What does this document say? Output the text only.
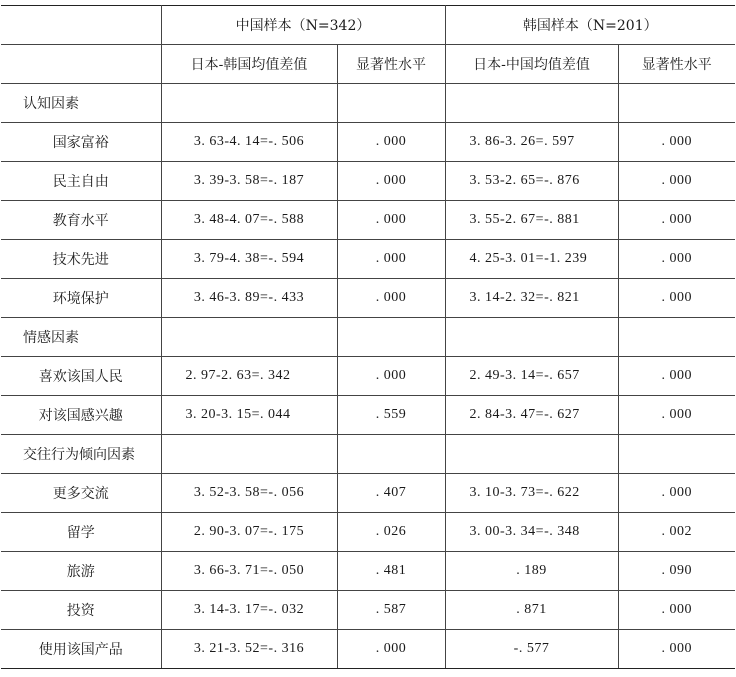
	中国样本（N=342）		韩国样本（N=201）	
	日本-韩国均值差值	显著性水平	日本-中国均值差值	显著性水平
认知因素				
国家富裕	3. 63-4. 14=-. 506	. 000	3. 86-3. 26=. 597	. 000
民主自由	3. 39-3. 58=-. 187	. 000	3. 53-2. 65=-. 876	. 000
教育水平	3. 48-4. 07=-. 588	. 000	3. 55-2. 67=-. 881	. 000
技术先进	3. 79-4. 38=-. 594	. 000	4. 25-3. 01=-1. 239	. 000
环境保护	3. 46-3. 89=-. 433	. 000	3. 14-2. 32=-. 821	. 000
情感因素				
喜欢该国人民	2. 97-2. 63=. 342	. 000	2. 49-3. 14=-. 657	. 000
对该国感兴趣	3. 20-3. 15=. 044	. 559	2. 84-3. 47=-. 627	. 000
交往行为倾向因素				
更多交流	3. 52-3. 58=-. 056	. 407	3. 10-3. 73=-. 622	. 000
留学	2. 90-3. 07=-. 175	. 026	3. 00-3. 34=-. 348	. 002
旅游	3. 66-3. 71=-. 050	. 481	. 189	. 090
投资	3. 14-3. 17=-. 032	. 587	. 871	. 000
使用该国产品	3. 21-3. 52=-. 316	. 000	-. 577	. 000
